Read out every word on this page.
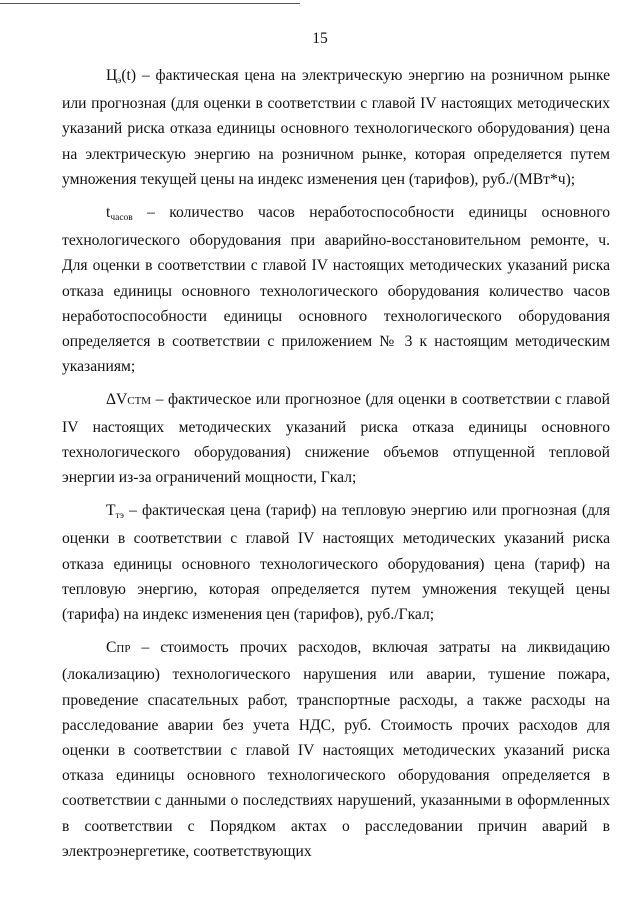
15

Цэ(t) – фактическая цена на электрическую энергию на розничном рынке или прогнозная (для оценки в соответствии с главой IV настоящих методических указаний риска отказа единицы основного технологического оборудования) цена на электрическую энергию на розничном рынке, которая определяется путем умножения текущей цены на индекс изменения цен (тарифов), руб./(МВт*ч);

tчасов – количество часов неработоспособности единицы основного технологического оборудования при аварийно-восстановительном ремонте, ч. Для оценки в соответствии с главой IV настоящих методических указаний риска отказа единицы основного технологического оборудования количество часов неработоспособности единицы основного технологического оборудования определяется в соответствии с приложением № 3 к настоящим методическим указаниям;

ΔVСТМ – фактическое или прогнозное (для оценки в соответствии с главой IV настоящих методических указаний риска отказа единицы основного технологического оборудования) снижение объемов отпущенной тепловой энергии из-за ограничений мощности, Гкал;

Ттэ – фактическая цена (тариф) на тепловую энергию или прогнозная (для оценки в соответствии с главой IV настоящих методических указаний риска отказа единицы основного технологического оборудования) цена (тариф) на тепловую энергию, которая определяется путем умножения текущей цены (тарифа) на индекс изменения цен (тарифов), руб./Гкал;

СПР – стоимость прочих расходов, включая затраты на ликвидацию (локализацию) технологического нарушения или аварии, тушение пожара, проведение спасательных работ, транспортные расходы, а также расходы на расследование аварии без учета НДС, руб. Стоимость прочих расходов для оценки в соответствии с главой IV настоящих методических указаний риска отказа единицы основного технологического оборудования определяется в соответствии с данными о последствиях нарушений, указанными в оформленных в соответствии с Порядком актах о расследовании причин аварий в электроэнергетике, соответствующих
